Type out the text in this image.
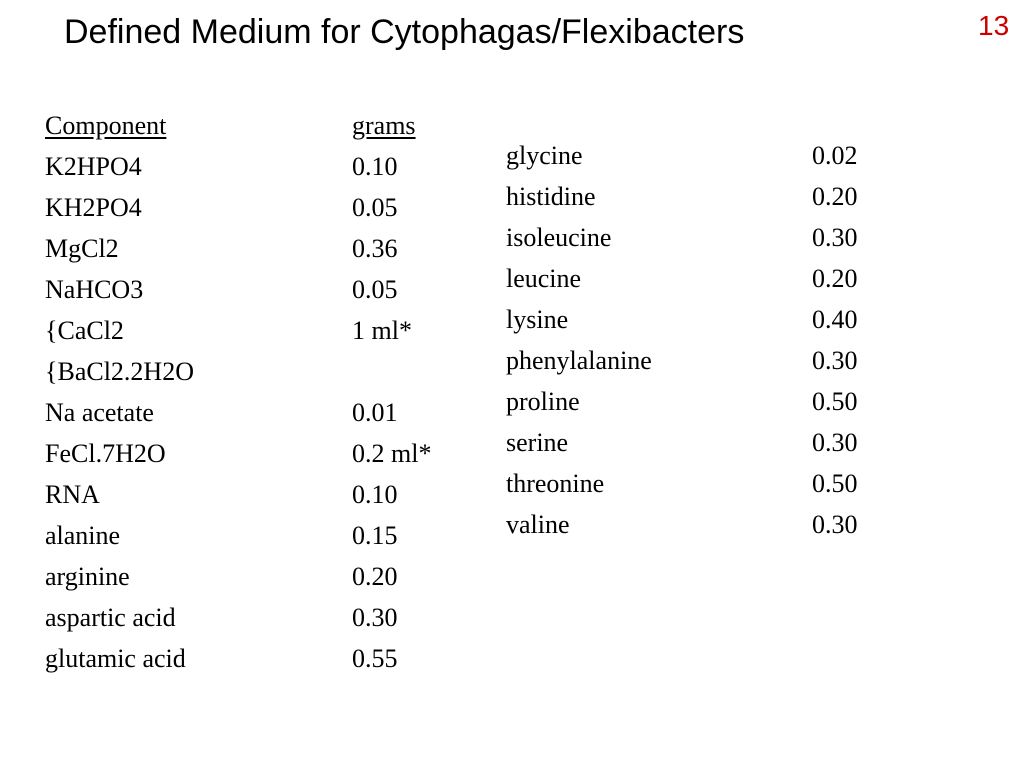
Defined Medium for Cytophagas/Flexibacters	13
Component	grams
K2HPO4	0.10
KH2PO4	0.05
MgCl2	0.36
NaHCO3	0.05
{CaCl2	1 ml*
{BaCl2.2H2O
Na acetate	0.01
FeCl.7H2O	0.2 ml*
RNA	0.10
alanine	0.15
arginine	0.20
aspartic acid	0.30
glutamic acid	0.55
glycine	0.02
histidine	0.20
isoleucine	0.30
leucine	0.20
lysine	0.40
phenylalanine	0.30
proline	0.50
serine	0.30
threonine	0.50
valine	0.30
